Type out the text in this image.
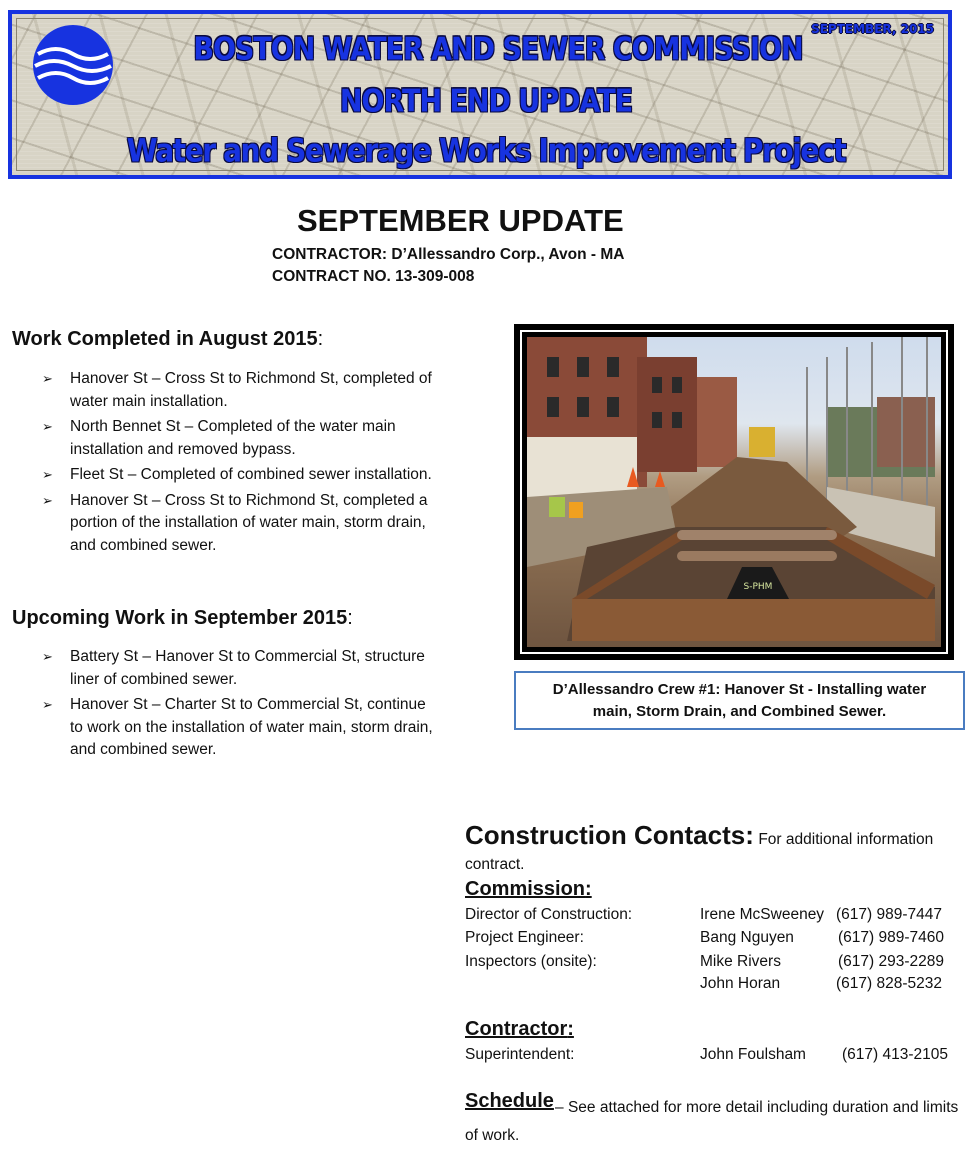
BOSTON WATER AND SEWER COMMISSION
NORTH END UPDATE
Water and Sewerage Works Improvement Project
SEPTEMBER, 2015
SEPTEMBER UPDATE
CONTRACTOR: D’Allessandro Corp., Avon - MA
CONTRACT NO. 13-309-008
Work Completed in August 2015:
➢ Hanover St – Cross St to Richmond St, completed of water main installation.
➢ North Bennet St – Completed of the water main installation and removed bypass.
➢ Fleet St – Completed of combined sewer installation.
➢ Hanover St – Cross St to Richmond St, completed a portion of the installation of water main, storm drain, and combined sewer.
Upcoming Work in September 2015:
➢ Battery St – Hanover St to Commercial St, structure liner of combined sewer.
➢ Hanover St – Charter St to Commercial St, continue to work on the installation of water main, storm drain, and combined sewer.
S-PHM
D’Allessandro Crew #1: Hanover St - Installing water main, Storm Drain, and Combined Sewer.
Construction Contacts: For additional information
contract.
Commission:
Director of Construction:	Irene McSweeney (617) 989-7447
Project Engineer:	Bang Nguyen	(617) 989-7460
Inspectors (onsite):	Mike Rivers	(617) 293-2289
John Horan	(617) 828-5232
Contractor:
Superintendent:	John Foulsham (617) 413-2105
– See attached for more detail including duration and limits of work.
Schedule
